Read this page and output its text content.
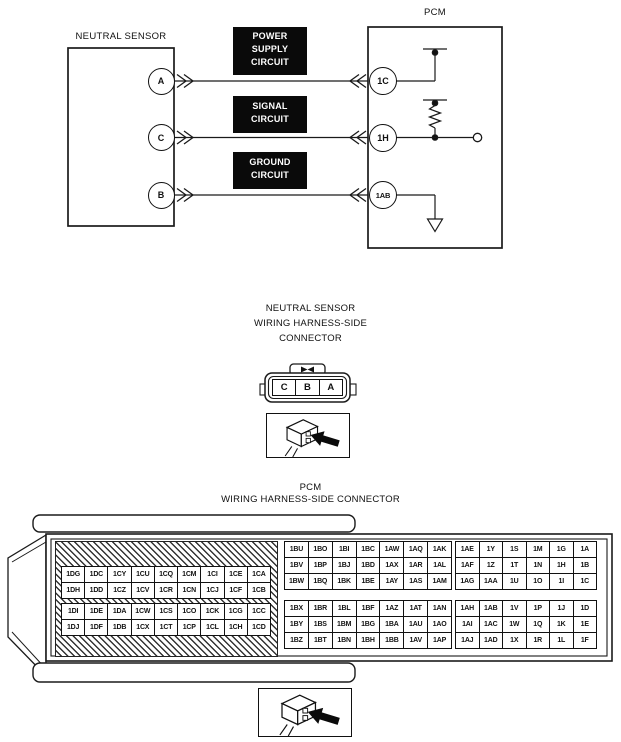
NEUTRAL SENSOR
PCM
POWER
SUPPLY
CIRCUIT
SIGNAL
CIRCUIT
GROUND
CIRCUIT
A
C
B
1C
1H
1AB
NEUTRAL SENSOR
WIRING HARNESS-SIDE
CONNECTOR
C	B	A
PCM
WIRING HARNESS-SIDE CONNECTOR
1DG	1DC	1CY	1CU	1CQ	1CM	1CI	1CE	1CA
1DH	1DD	1CZ	1CV	1CR	1CN	1CJ	1CF	1CB
1DI	1DE	1DA	1CW	1CS	1CO	1CK	1CG	1CC
1DJ	1DF	1DB	1CX	1CT	1CP	1CL	1CH	1CD
1BU	1BO	1BI	1BC	1AW	1AQ	1AK
1BV	1BP	1BJ	1BD	1AX	1AR	1AL
1BW	1BQ	1BK	1BE	1AY	1AS	1AM
1BX	1BR	1BL	1BF	1AZ	1AT	1AN
1BY	1BS	1BM	1BG	1BA	1AU	1AO
1BZ	1BT	1BN	1BH	1BB	1AV	1AP
1AE	1Y	1S	1M	1G	1A
1AF	1Z	1T	1N	1H	1B
1AG	1AA	1U	1O	1I	1C
1AH	1AB	1V	1P	1J	1D
1AI	1AC	1W	1Q	1K	1E
1AJ	1AD	1X	1R	1L	1F
